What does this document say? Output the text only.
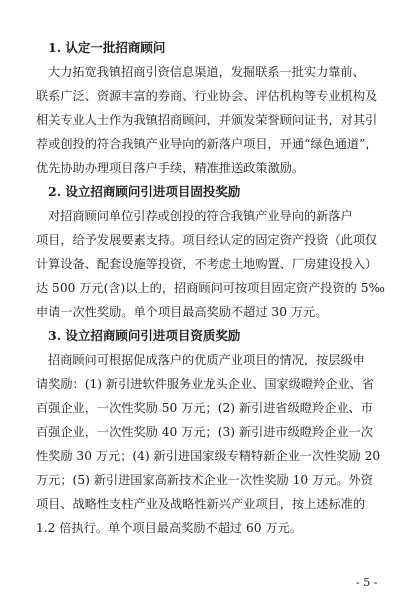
1. 认定一批招商顾问
大力拓宽我镇招商引资信息渠道，发掘联系一批实力靠前、
联系广泛、资源丰富的券商、行业协会、评估机构等专业机构及
相关专业人士作为我镇招商顾问，并颁发荣誉顾问证书，对其引
荐或创投的符合我镇产业导向的新落户项目，开通“绿色通道”，
优先协助办理项目落户手续，精准推送政策激励。
2. 设立招商顾问引进项目固投奖励
对招商顾问单位引荐或创投的符合我镇产业导向的新落户
项目，给予发展要素支持。项目经认定的固定资产投资（此项仅
计算设备、配套设施等投资，不考虑土地购置、厂房建设投入）
达 500 万元(含)以上的，招商顾问可按项目固定资产投资的 5‰
申请一次性奖励。单个项目最高奖励不超过 30 万元。
3. 设立招商顾问引进项目资质奖励
招商顾问可根据促成落户的优质产业项目的情况，按层级申
请奖励：(1) 新引进软件服务业龙头企业、国家级瞪羚企业、省
百强企业，一次性奖励 50 万元；(2) 新引进省级瞪羚企业、市
百强企业，一次性奖励 40 万元；(3) 新引进市级瞪羚企业一次
性奖励 30 万元；(4) 新引进国家级专精特新企业一次性奖励 20
万元；(5) 新引进国家高新技术企业一次性奖励 10 万元。外资
项目、战略性支柱产业及战略性新兴产业项目，按上述标准的
1.2 倍执行。单个项目最高奖励不超过 60 万元。
- 5 -
